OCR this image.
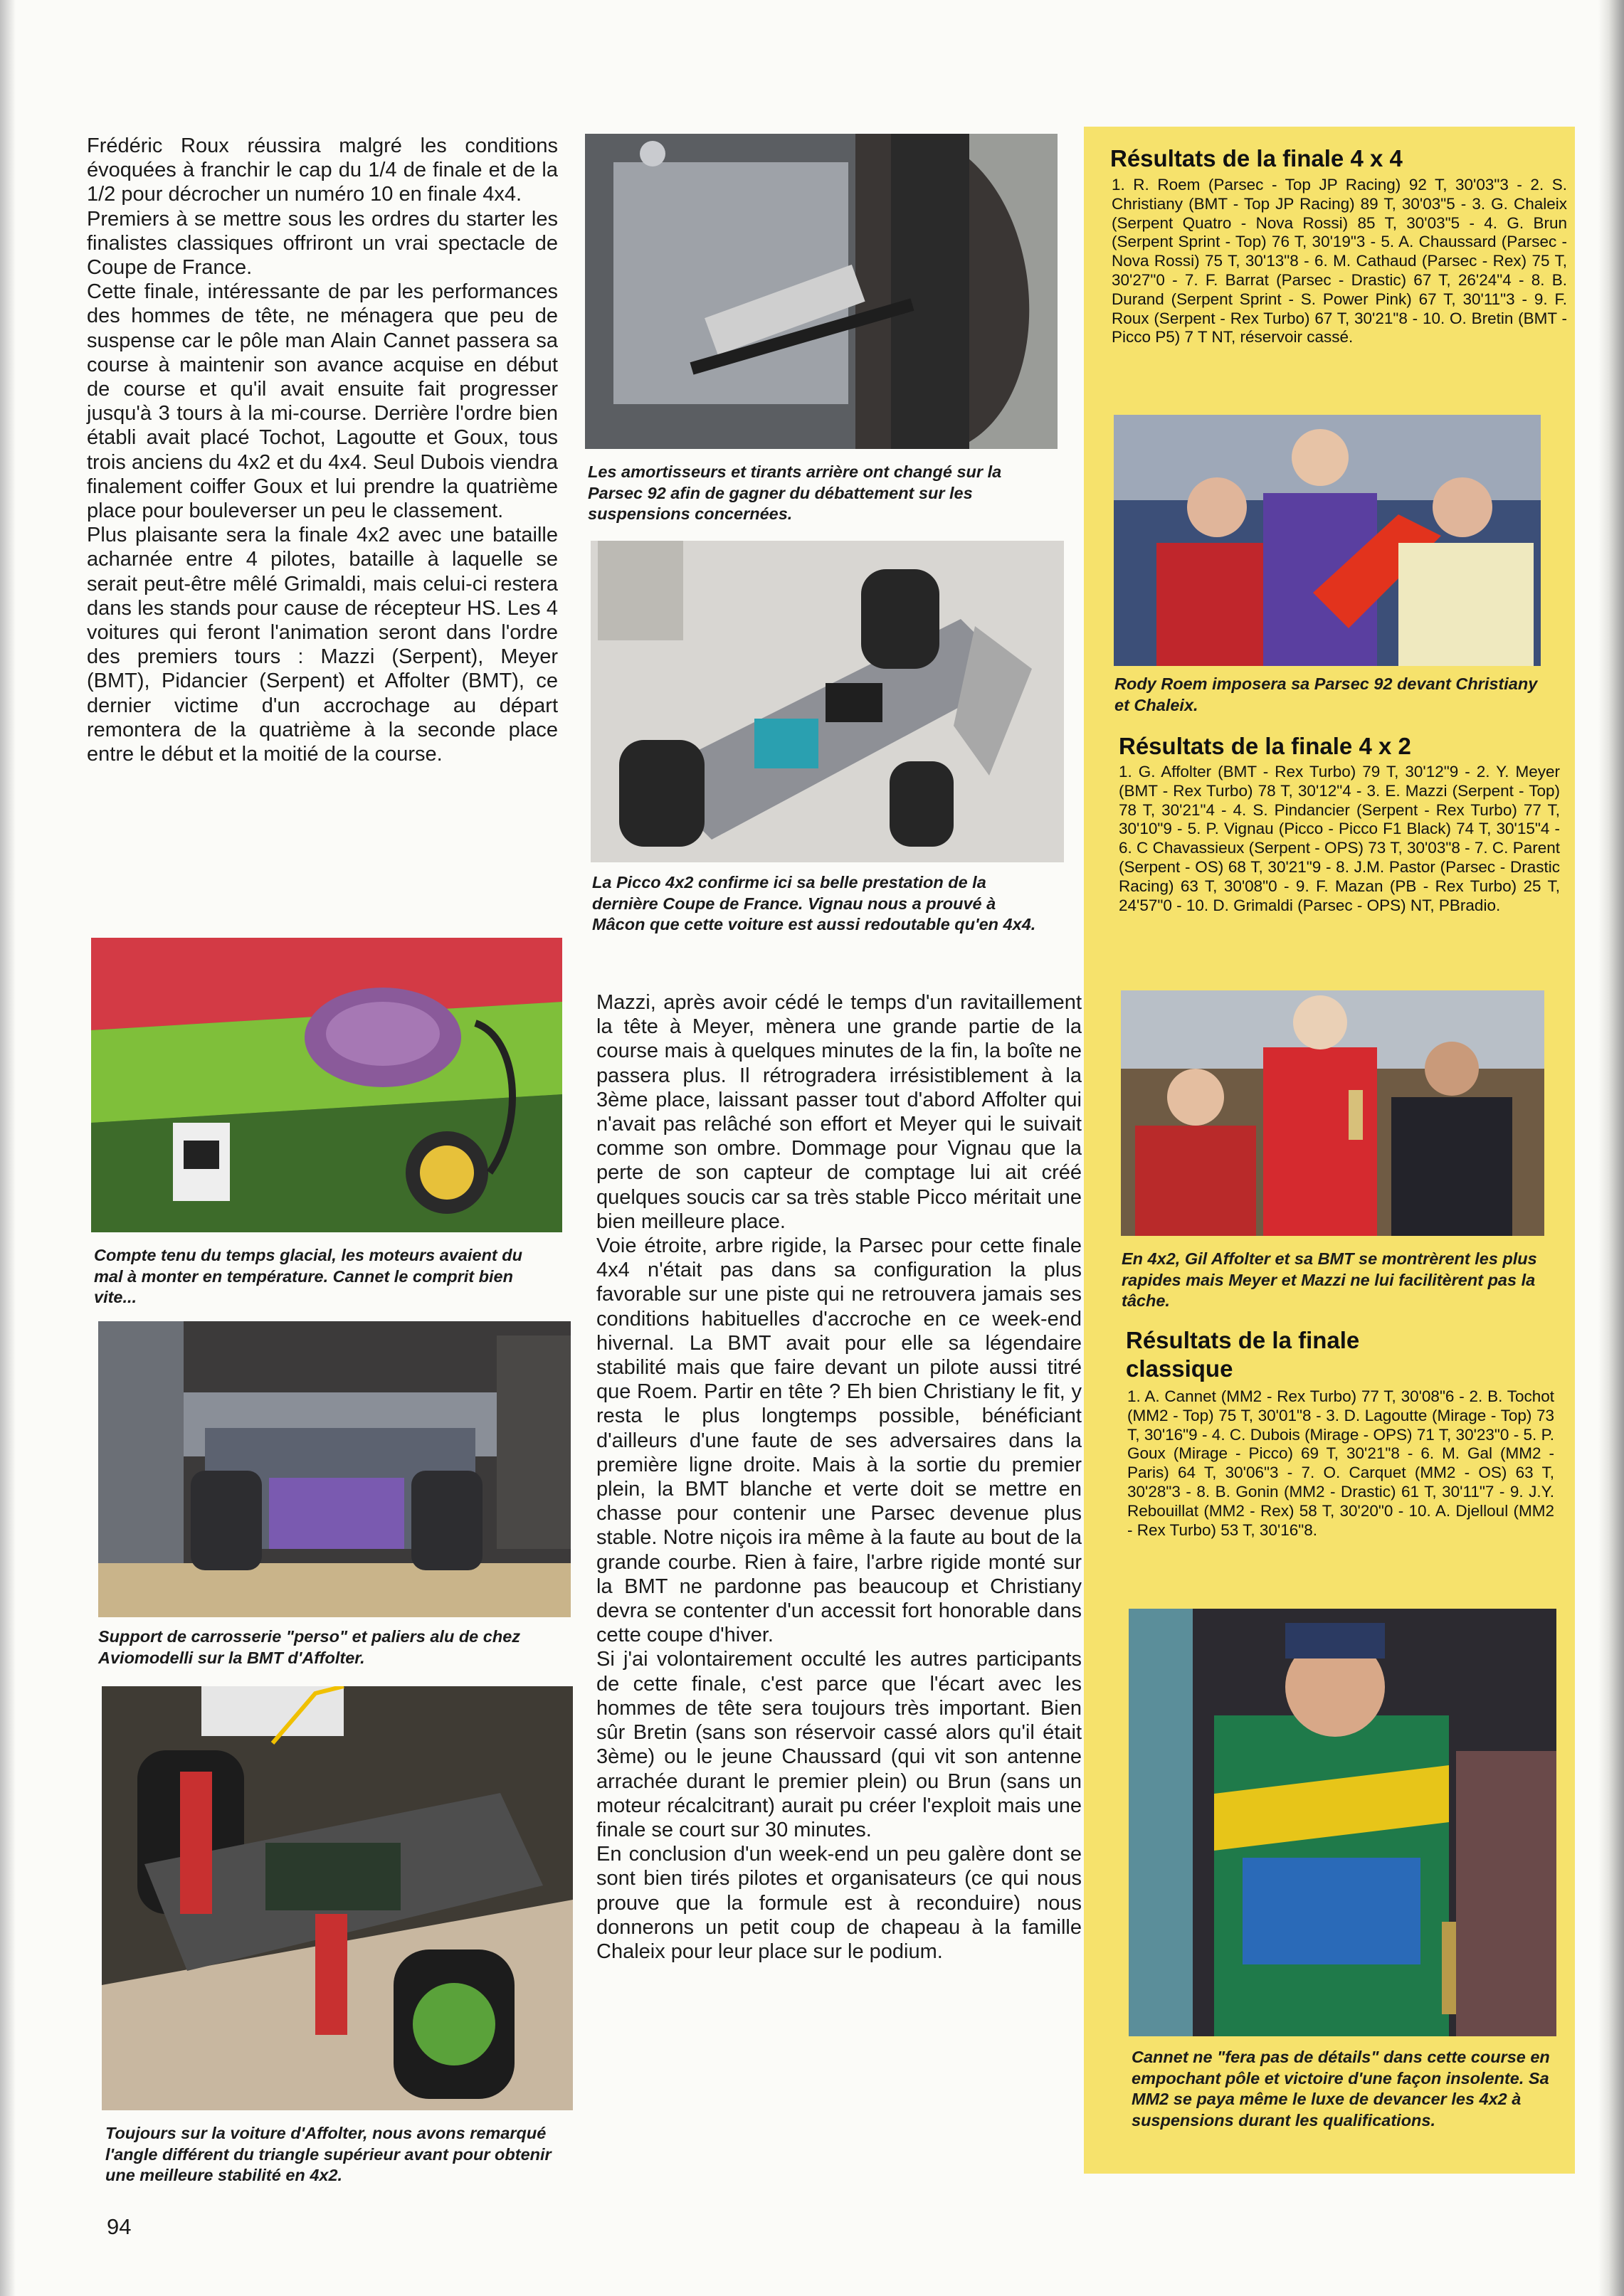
Frédéric Roux réussira malgré les conditions évoquées à franchir le cap du 1/4 de finale et de la 1/2 pour décrocher un numéro 10 en finale 4x4.

Premiers à se mettre sous les ordres du starter les finalistes classiques offriront un vrai spectacle de Coupe de France.

Cette finale, intéressante de par les performances des hommes de tête, ne ménagera que peu de suspense car le pôle man Alain Cannet passera sa course à maintenir son avance acquise en début de course et qu'il avait ensuite fait progresser jusqu'à 3 tours à la mi-course. Derrière l'ordre bien établi avait placé Tochot, Lagoutte et Goux, tous trois anciens du 4x2 et du 4x4. Seul Dubois viendra finalement coiffer Goux et lui prendre la quatrième place pour bouleverser un peu le classement.

Plus plaisante sera la finale 4x2 avec une bataille acharnée entre 4 pilotes, bataille à laquelle se serait peut-être mêlé Grimaldi, mais celui-ci restera dans les stands pour cause de récepteur HS. Les 4 voitures qui feront l'animation seront dans l'ordre des premiers tours : Mazzi (Serpent), Meyer (BMT), Pidancier (Serpent) et Affolter (BMT), ce dernier victime d'un accrochage au départ remontera de la quatrième à la seconde place entre le début et la moitié de la course.

Compte tenu du temps glacial, les moteurs avaient du mal à monter en température. Cannet le comprit bien vite...

Support de carrosserie "perso" et paliers alu de chez Aviomodelli sur la BMT d'Affolter.

Toujours sur la voiture d'Affolter, nous avons remarqué l'angle différent du triangle supérieur avant pour obtenir une meilleure stabilité en 4x2.

94

Les amortisseurs et tirants arrière ont changé sur la Parsec 92 afin de gagner du débattement sur les suspensions concernées.

La Picco 4x2 confirme ici sa belle prestation de la dernière Coupe de France. Vignau nous a prouvé à Mâcon que cette voiture est aussi redoutable qu'en 4x4.

Mazzi, après avoir cédé le temps d'un ravitaillement la tête à Meyer, mènera une grande partie de la course mais à quelques minutes de la fin, la boîte ne passera plus. Il rétrogradera irrésistiblement à la 3ème place, laissant passer tout d'abord Affolter qui n'avait pas relâché son effort et Meyer qui le suivait comme son ombre. Dommage pour Vignau que la perte de son capteur de comptage lui ait créé quelques soucis car sa très stable Picco méritait une bien meilleure place.

Voie étroite, arbre rigide, la Parsec pour cette finale 4x4 n'était pas dans sa configuration la plus favorable sur une piste qui ne retrouvera jamais ses conditions habituelles d'accroche en ce week-end hivernal. La BMT avait pour elle sa légendaire stabilité mais que faire devant un pilote aussi titré que Roem. Partir en tête ? Eh bien Christiany le fit, y resta le plus longtemps possible, bénéficiant d'ailleurs d'une faute de ses adversaires dans la première ligne droite. Mais à la sortie du premier plein, la BMT blanche et verte doit se mettre en chasse pour contenir une Parsec devenue plus stable. Notre niçois ira même à la faute au bout de la grande courbe. Rien à faire, l'arbre rigide monté sur la BMT ne pardonne pas beaucoup et Christiany devra se contenter d'un accessit fort honorable dans cette coupe d'hiver.

Si j'ai volontairement occulté les autres participants de cette finale, c'est parce que l'écart avec les hommes de tête sera toujours très important. Bien sûr Bretin (sans son réservoir cassé alors qu'il était 3ème) ou le jeune Chaussard (qui vit son antenne arrachée durant le premier plein) ou Brun (sans un moteur récalcitrant) aurait pu créer l'exploit mais une finale se court sur 30 minutes.

En conclusion d'un week-end un peu galère dont se sont bien tirés pilotes et organisateurs (ce qui nous prouve que la formule est à reconduire) nous donnerons un petit coup de chapeau à la famille Chaleix pour leur place sur le podium.

Résultats de la finale 4 x 4

1. R. Roem (Parsec - Top JP Racing) 92 T, 30'03"3 - 2. S. Christiany (BMT - Top JP Racing) 89 T, 30'03"5 - 3. G. Chaleix (Serpent Quatro - Nova Rossi) 85 T, 30'03"5 - 4. G. Brun (Serpent Sprint - Top) 76 T, 30'19"3 - 5. A. Chaussard (Parsec - Nova Rossi) 75 T, 30'13"8 - 6. M. Cathaud (Parsec - Rex) 75 T, 30'27"0 - 7. F. Barrat (Parsec - Drastic) 67 T, 26'24"4 - 8. B. Durand (Serpent Sprint - S. Power Pink) 67 T, 30'11"3 - 9. F. Roux (Serpent - Rex Turbo) 67 T, 30'21"8 - 10. O. Bretin (BMT - Picco P5) 7 T NT, réservoir cassé.

Rody Roem imposera sa Parsec 92 devant Christiany et Chaleix.

Résultats de la finale 4 x 2

1. G. Affolter (BMT - Rex Turbo) 79 T, 30'12"9 - 2. Y. Meyer (BMT - Rex Turbo) 78 T, 30'12"4 - 3. E. Mazzi (Serpent - Top) 78 T, 30'21"4 - 4. S. Pindancier (Serpent - Rex Turbo) 77 T, 30'10"9 - 5. P. Vignau (Picco - Picco F1 Black) 74 T, 30'15"4 - 6. C Chavassieux (Serpent - OPS) 73 T, 30'03"8 - 7. C. Parent (Serpent - OS) 68 T, 30'21"9 - 8. J.M. Pastor (Parsec - Drastic Racing) 63 T, 30'08"0 - 9. F. Mazan (PB - Rex Turbo) 25 T, 24'57"0 - 10. D. Grimaldi (Parsec - OPS) NT, PBradio.

En 4x2, Gil Affolter et sa BMT se montrèrent les plus rapides mais Meyer et Mazzi ne lui facilitèrent pas la tâche.

Résultats de la finale classique

1. A. Cannet (MM2 - Rex Turbo) 77 T, 30'08"6 - 2. B. Tochot (MM2 - Top) 75 T, 30'01"8 - 3. D. Lagoutte (Mirage - Top) 73 T, 30'16"9 - 4. C. Dubois (Mirage - OPS) 71 T, 30'23"0 - 5. P. Goux (Mirage - Picco) 69 T, 30'21"8 - 6. M. Gal (MM2 - Paris) 64 T, 30'06"3 - 7. O. Carquet (MM2 - OS) 63 T, 30'28"3 - 8. B. Gonin (MM2 - Drastic) 61 T, 30'11"7 - 9. J.Y. Rebouillat (MM2 - Rex) 58 T, 30'20"0 - 10. A. Djelloul (MM2 - Rex Turbo) 53 T, 30'16"8.

Cannet ne "fera pas de détails" dans cette course en empochant pôle et victoire d'une façon insolente. Sa MM2 se paya même le luxe de devancer les 4x2 à suspensions durant les qualifications.
